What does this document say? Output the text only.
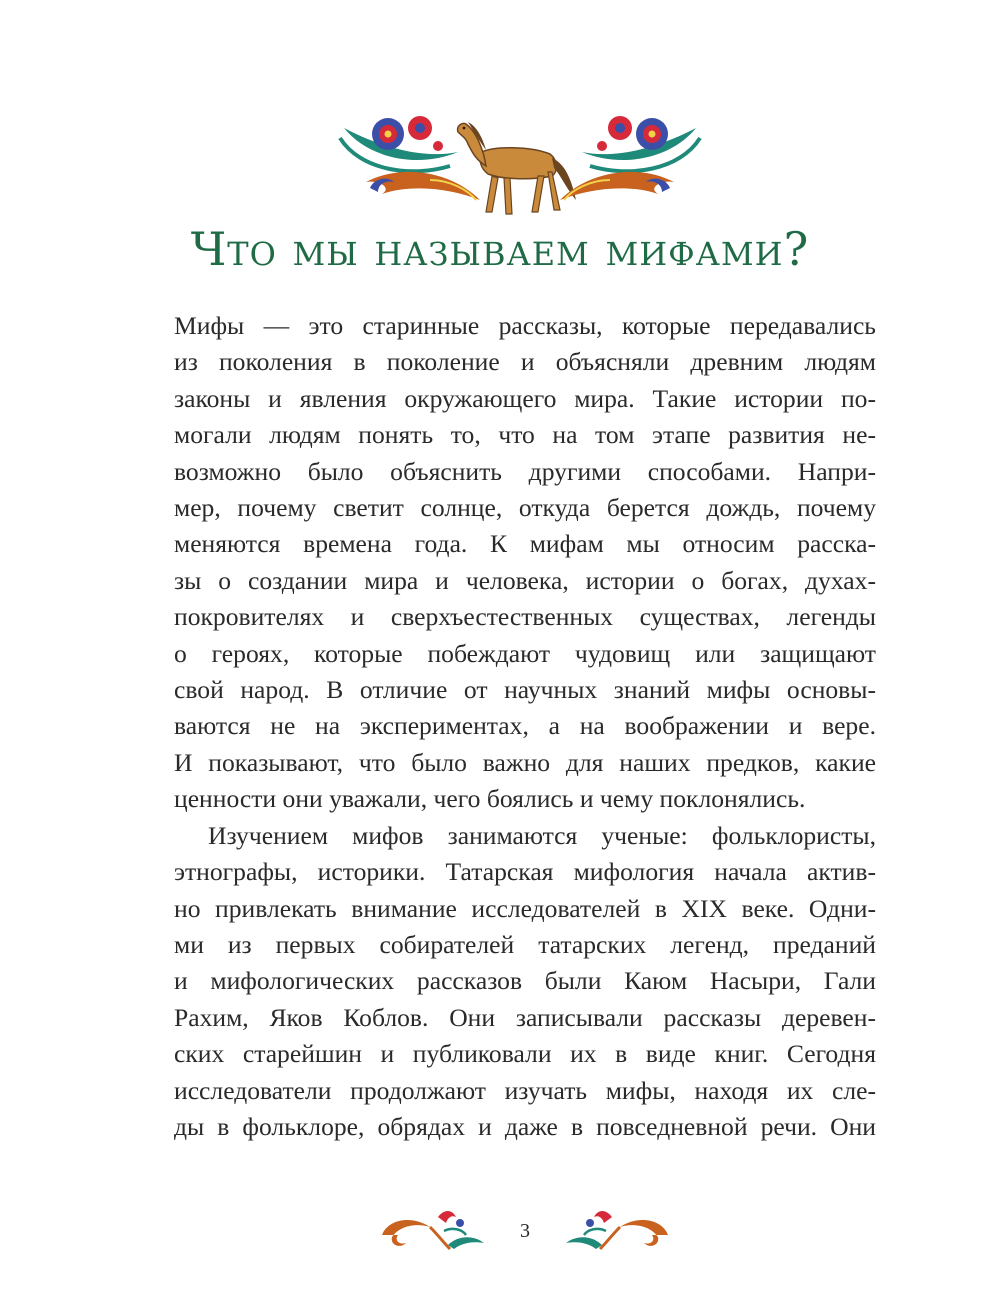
Что мы называем мифами?

Мифы — это старинные рассказы, которые передавались

из поколения в поколение и объясняли древним людям

законы и явления окружающего мира. Такие истории по-

могали людям понять то, что на том этапе развития не-

возможно было объяснить другими способами. Напри-

мер, почему светит солнце, откуда берется дождь, почему

меняются времена года. К мифам мы относим расска-

зы о создании мира и человека, истории о богах, духах-

покровителях и сверхъестественных существах, легенды

о героях, которые побеждают чудовищ или защищают

свой народ. В отличие от научных знаний мифы основы-

ваются не на экспериментах, а на воображении и вере.

И показывают, что было важно для наших предков, какие

ценности они уважали, чего боялись и чему поклонялись.

Изучением мифов занимаются ученые: фольклористы,

этнографы, историки. Татарская мифология начала актив-

но привлекать внимание исследователей в XIX веке. Одни-

ми из первых собирателей татарских легенд, преданий

и мифологических рассказов были Каюм Насыри, Гали

Рахим, Яков Коблов. Они записывали рассказы деревен-

ских старейшин и публиковали их в виде книг. Сегодня

исследователи продолжают изучать мифы, находя их сле-

ды в фольклоре, обрядах и даже в повседневной речи. Они

3
